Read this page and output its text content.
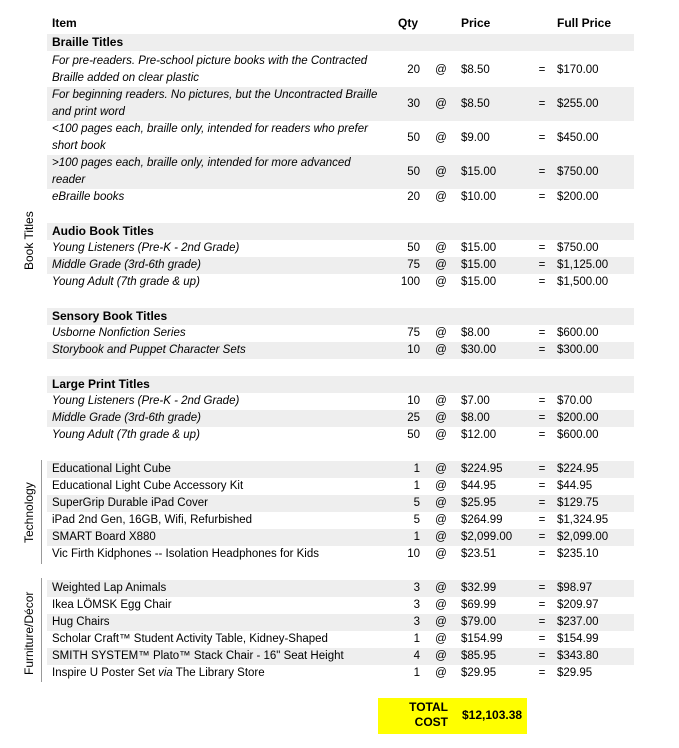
Item	Qty	Price	Full Price
Book Titles
Technology
Furniture/Décor
Braille Titles
For pre-readers. Pre-school picture books with the Contracted Braille added on clear plastic
20 @ $8.50	= $170.00
For beginning readers. No pictures, but the Uncontracted Braille and print word
30 @ $8.50	= $255.00
<100 pages each, braille only, intended for readers who prefer short book
50 @ $9.00	= $450.00
>100 pages each, braille only, intended for more advanced reader
50 @ $15.00	= $750.00
eBraille books	20 @ $10.00	= $200.00
Audio Book Titles
Young Listeners (Pre-K - 2nd Grade)	50 @ $15.00	= $750.00
Middle Grade (3rd-6th grade)	75 @ $15.00	= $1,125.00
Young Adult (7th grade & up)	100 @ $15.00	= $1,500.00
Sensory Book Titles
Usborne Nonfiction Series	75 @ $8.00	= $600.00
Storybook and Puppet Character Sets	10 @ $30.00	= $300.00
Large Print Titles
Young Listeners (Pre-K - 2nd Grade)	10 @ $7.00	= $70.00
Middle Grade (3rd-6th grade)	25 @ $8.00	= $200.00
Young Adult (7th grade & up)	50 @ $12.00	= $600.00
Educational Light Cube	1 @ $224.95	= $224.95
Educational Light Cube Accessory Kit	1 @ $44.95	= $44.95
SuperGrip Durable iPad Cover	5 @ $25.95	= $129.75
iPad 2nd Gen, 16GB, Wifi, Refurbished	5 @ $264.99	= $1,324.95
SMART Board X880	1 @ $2,099.00 = $2,099.00
Vic Firth Kidphones -- Isolation Headphones for Kids	10 @ $23.51	= $235.10
Weighted Lap Animals	3 @ $32.99	= $98.97
Ikea LÖMSK Egg Chair	3 @ $69.99	= $209.97
Hug Chairs	3 @ $79.00	= $237.00
Scholar Craft™ Student Activity Table, Kidney-Shaped	1 @ $154.99	= $154.99
SMITH SYSTEM™ Plato™ Stack Chair - 16" Seat Height	4 @ $85.95	= $343.80
Inspire U Poster Set via The Library Store	1 @ $29.95	= $29.95
TOTAL
COST $12,103.38
